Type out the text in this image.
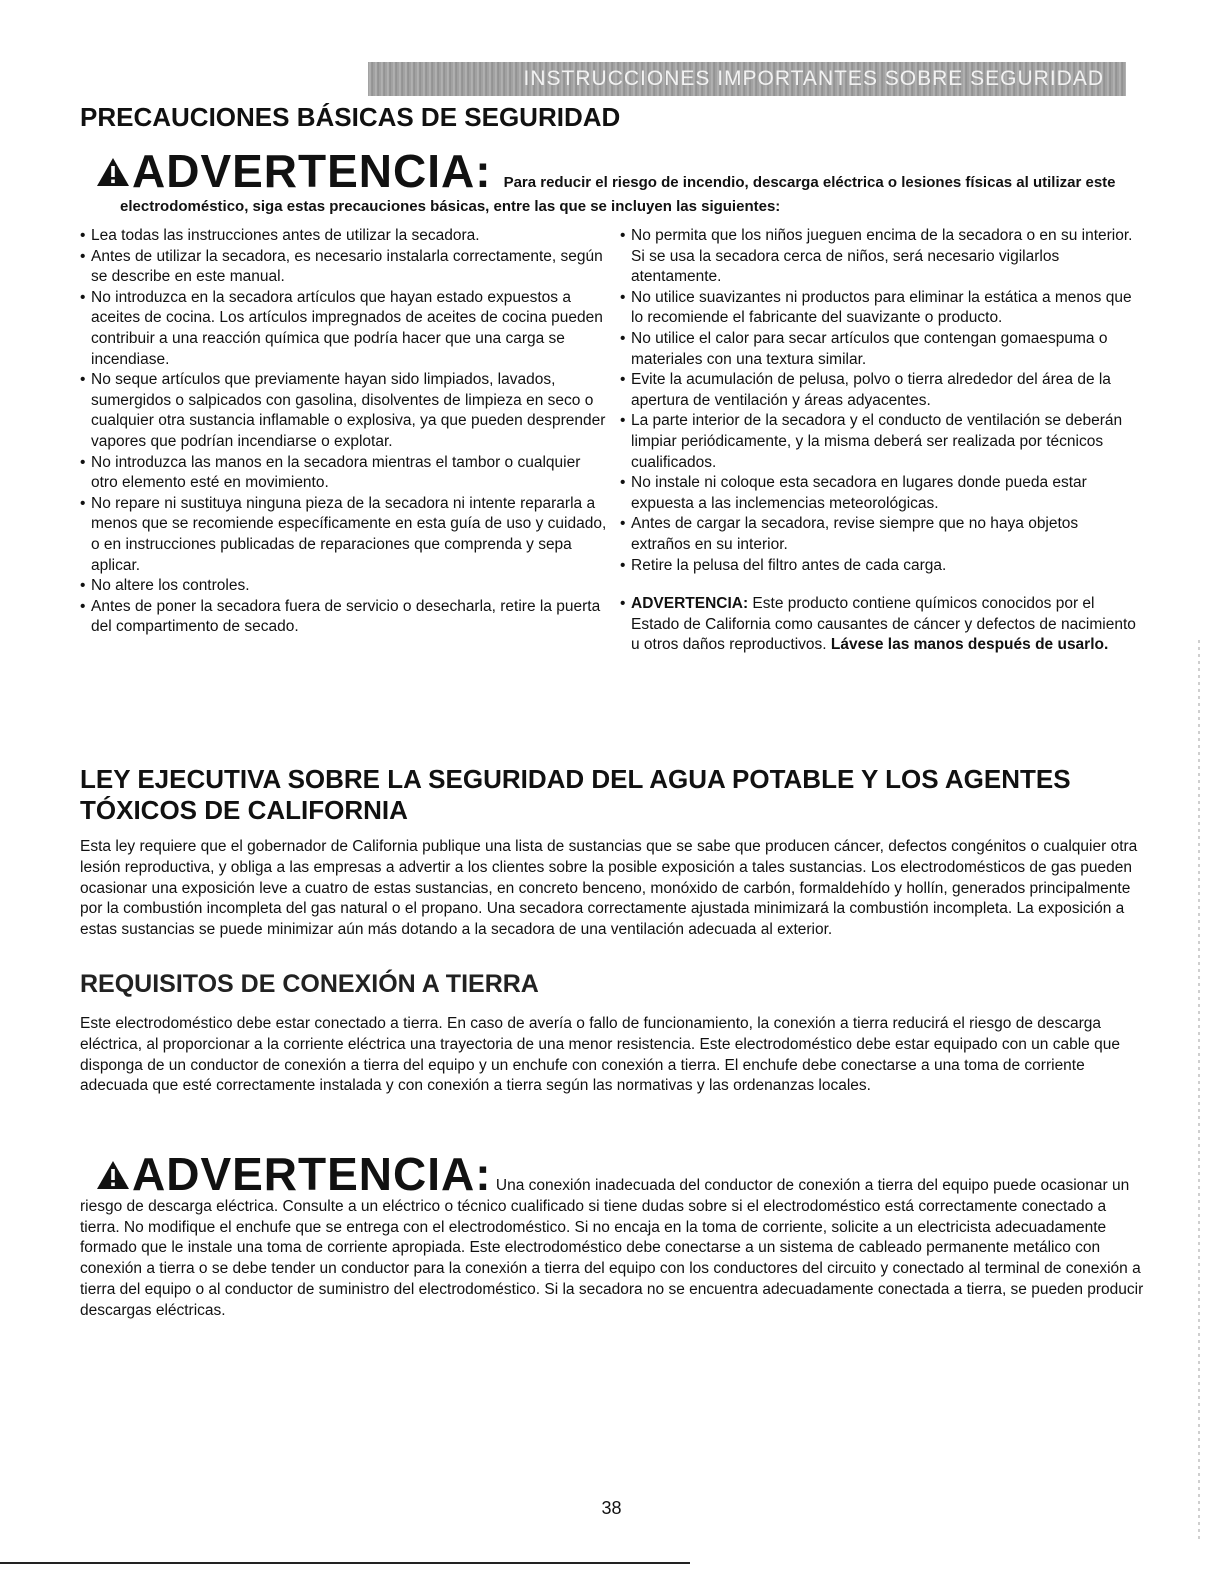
INSTRUCCIONES IMPORTANTES SOBRE SEGURIDAD
PRECAUCIONES BÁSICAS DE SEGURIDAD
ADVERTENCIA: Para reducir el riesgo de incendio, descarga eléctrica o lesiones físicas al utilizar este
electrodoméstico, siga estas precauciones básicas, entre las que se incluyen las siguientes:
• Lea todas las instrucciones antes de utilizar la secadora.
• Antes de utilizar la secadora, es necesario instalarla correctamente, según se describe en este manual.
• No introduzca en la secadora artículos que hayan estado expuestos a aceites de cocina. Los artículos impregnados de aceites de cocina pueden contribuir a una reacción química que podría hacer que una carga se incendiase.
• No seque artículos que previamente hayan sido limpiados, lavados, sumergidos o salpicados con gasolina, disolventes de limpieza en seco o cualquier otra sustancia inflamable o explosiva, ya que pueden desprender vapores que podrían incendiarse o explotar.
• No introduzca las manos en la secadora mientras el tambor o cualquier otro elemento esté en movimiento.
• No repare ni sustituya ninguna pieza de la secadora ni intente repararla a menos que se recomiende específicamente en esta guía de uso y cuidado, o en instrucciones publicadas de reparaciones que comprenda y sepa aplicar.
• No altere los controles.
• Antes de poner la secadora fuera de servicio o desecharla, retire la puerta del compartimento de secado.
• No permita que los niños jueguen encima de la secadora o en su interior. Si se usa la secadora cerca de niños, será necesario vigilarlos atentamente.
• No utilice suavizantes ni productos para eliminar la estática a menos que lo recomiende el fabricante del suavizante o producto.
• No utilice el calor para secar artículos que contengan gomaespuma o materiales con una textura similar.
• Evite la acumulación de pelusa, polvo o tierra alrededor del área de la apertura de ventilación y áreas adyacentes.
• La parte interior de la secadora y el conducto de ventilación se deberán limpiar periódicamente, y la misma deberá ser realizada por técnicos cualificados.
• No instale ni coloque esta secadora en lugares donde pueda estar expuesta a las inclemencias meteorológicas.
• Antes de cargar la secadora, revise siempre que no haya objetos extraños en su interior.
• Retire la pelusa del filtro antes de cada carga.
• ADVERTENCIA: Este producto contiene químicos conocidos por el Estado de California como causantes de cáncer y defectos de nacimiento u otros daños reproductivos. Lávese las manos después de usarlo.
LEY EJECUTIVA SOBRE LA SEGURIDAD DEL AGUA POTABLE Y LOS AGENTES TÓXICOS DE CALIFORNIA

Esta ley requiere que el gobernador de California publique una lista de sustancias que se sabe que producen cáncer, defectos congénitos o cualquier otra lesión reproductiva, y obliga a las empresas a advertir a los clientes sobre la posible exposición a tales sustancias. Los electrodomésticos de gas pueden ocasionar una exposición leve a cuatro de estas sustancias, en concreto benceno, monóxido de carbón, formaldehído y hollín, generados principalmente por la combustión incompleta del gas natural o el propano. Una secadora correctamente ajustada minimizará la combustión incompleta. La exposición a estas sustancias se puede minimizar aún más dotando a la secadora de una ventilación adecuada al exterior.

REQUISITOS DE CONEXIÓN A TIERRA

Este electrodoméstico debe estar conectado a tierra. En caso de avería o fallo de funcionamiento, la conexión a tierra reducirá el riesgo de descarga eléctrica, al proporcionar a la corriente eléctrica una trayectoria de una menor resistencia. Este electrodoméstico debe estar equipado con un cable que disponga de un conductor de conexión a tierra del equipo y un enchufe con conexión a tierra. El enchufe debe conectarse a una toma de corriente adecuada que esté correctamente instalada y con conexión a tierra según las normativas y las ordenanzas locales.

ADVERTENCIA: Una conexión inadecuada del conductor de conexión a tierra del equipo puede ocasionar un riesgo de descarga eléctrica. Consulte a un eléctrico o técnico cualificado si tiene dudas sobre si el electrodoméstico está correctamente conectado a tierra. No modifique el enchufe que se entrega con el electrodoméstico. Si no encaja en la toma de corriente, solicite a un electricista adecuadamente formado que le instale una toma de corriente apropiada. Este electrodoméstico debe conectarse a un sistema de cableado permanente metálico con conexión a tierra o se debe tender un conductor para la conexión a tierra del equipo con los conductores del circuito y conectado al terminal de conexión a tierra del equipo o al conductor de suministro del electrodoméstico. Si la secadora no se encuentra adecuadamente conectada a tierra, se pueden producir descargas eléctricas.
38
